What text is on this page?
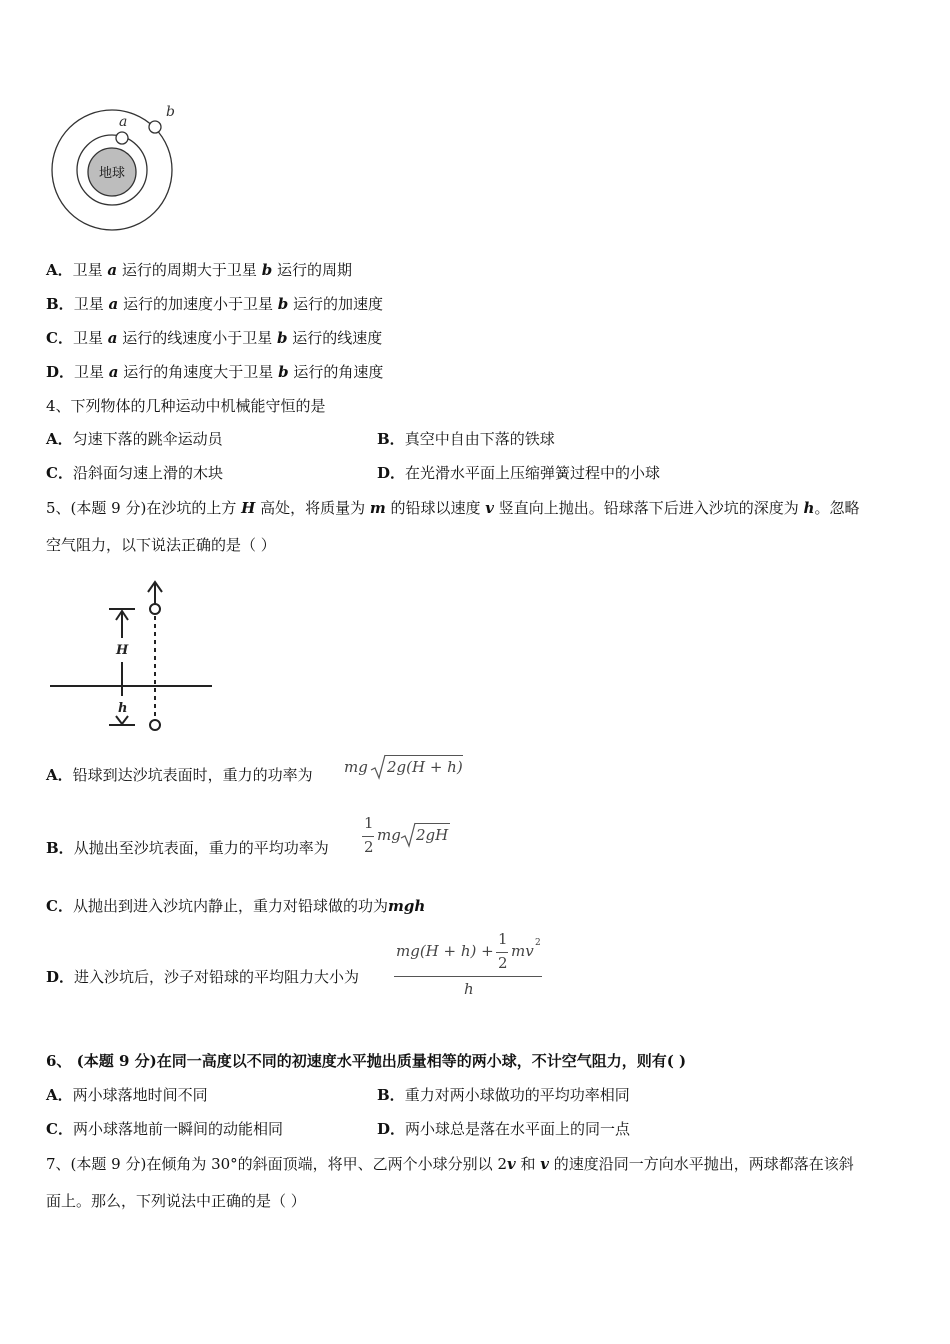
地球
a
b
A．卫星 a 运行的周期大于卫星 b 运行的周期
B．卫星 a 运行的加速度小于卫星 b 运行的加速度
C．卫星 a 运行的线速度小于卫星 b 运行的线速度
D．卫星 a 运行的角速度大于卫星 b 运行的角速度
4、下列物体的几种运动中机械能守恒的是
A．匀速下落的跳伞运动员	B．真空中自由下落的铁球
C．沿斜面匀速上滑的木块	D．在光滑水平面上压缩弹簧过程中的小球
5、(本题 9 分)在沙坑的上方 H 高处，将质量为 m 的铅球以速度 v 竖直向上抛出。铅球落下后进入沙坑的深度为 h。忽略
空气阻力，以下说法正确的是（ ）
H
h
A．铅球到达沙坑表面时，重力的功率为 mg 2g(H + h)
B．从抛出至沙坑表面，重力的平均功率为
1
2
mg 2gH
C．从抛出到进入沙坑内静止，重力对铅球做的功为mgh
D．进入沙坑后，沙子对铅球的平均阻力大小为
mg(H + h) +
1
2
mv 2
h
6、 (本题 9 分)在同一高度以不同的初速度水平抛出质量相等的两小球，不计空气阻力，则有( )
A．两小球落地时间不同	B．重力对两小球做功的平均功率相同
C．两小球落地前一瞬间的动能相同	D．两小球总是落在水平面上的同一点
7、(本题 9 分)在倾角为 30°的斜面顶端，将甲、乙两个小球分别以 2v 和 v 的速度沿同一方向水平抛出，两球都落在该斜
面上。那么，下列说法中正确的是（ ）
